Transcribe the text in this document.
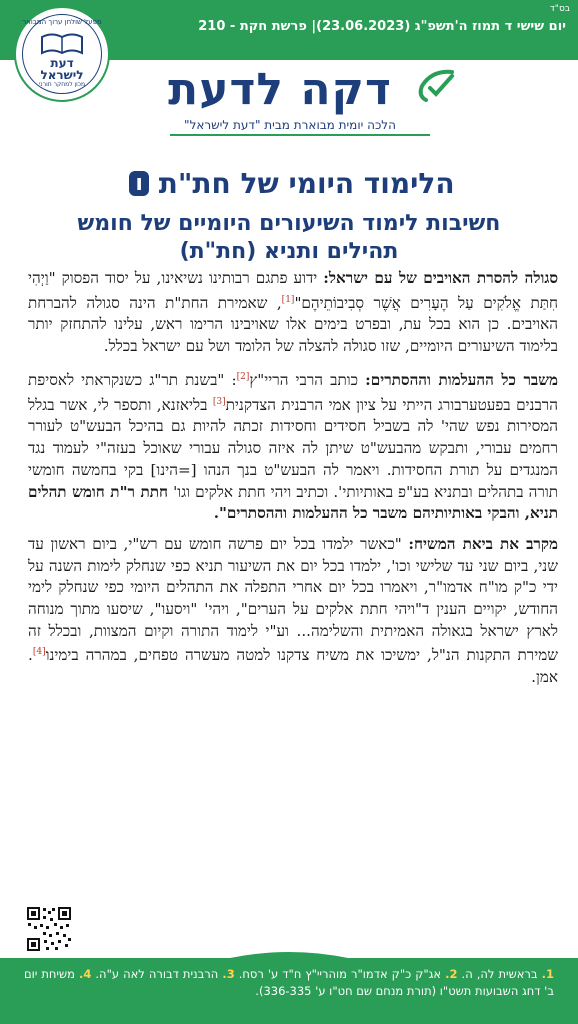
בס"ד
יום שישי ד תמוז ה'תשפ"ג (23.06.2023)| פרשת חקת - 210
מפעל שולחן ערוך המבואר
דעת
לישראל
מכון למחקר תורני	דקה לדעת
הלכה יומית מבוארת מבית "דעת לישראל"
הלימוד היומי של חת"ת ו
חשיבות לימוד השיעורים היומיים של חומש
תהילים ותניא (חת"ת)

סגולה להסרת האויבים של עם ישראל: ידוע פתגם רבותינו נשיאינו, על יסוד הפסוק "וַיְהִי חִתַּת אֱלֹקִים עַל הֶעָרִים אֲשֶׁר סְבִיבוֹתֵיהֶם"[1], שאמירת החת"ת הינה סגולה להברחת האויבים. כן הוא בכל עת, ובפרט בימים אלו שאויבינו הרימו ראש, עלינו להתחזק יותר בלימוד השיעורים היומיים, שזו סגולה להצלה של הלומד ושל עם ישראל בכלל.

משבר כל ההעלמות וההסתרים: כותב הרבי הריי"ץ[2]: "בשנת תר"ג כשנקראתי לאסיפת הרבנים בפעטערבורג הייתי על ציון אמי הרבנית הצדקנית[3] בליאזנא, ותספר לי, אשר בגלל המסירות נפש שהי' לה בשביל חסידים וחסידות זכתה להיות גם בהיכל הבעש"ט לעורר רחמים עבורי, ותבקש מהבעש"ט שיתן לה איזה סגולה עבורי שאוכל בעזה"י לעמוד נגד המנגדים על תורת החסידות. ויאמר לה הבעש"ט בנך הנהו [=הינו] בקי בחמשה חומשי תורה בתהלים ובתניא בע"פ באותיותי'. וכתיב ויהי חתת אלקים וגו' חתת ר"ת חומש תהלים תניא, והבקי באותיותיהם משבר כל ההעלמות וההסתרים".

מקרב את ביאת המשיח: "כאשר ילמדו בכל יום פרשה חומש עם רש"י, ביום ראשון עד שני, ביום שני עד שלישי וכו', ילמדו בכל יום את השיעור תניא כפי שנחלק לימות השנה על ידי כ"ק מו"ח אדמו"ר, ויאמרו בכל יום אחרי התפלה את התהלים היומי כפי שנחלק לימי החודש, יקויים הענין ד"ויהי חתת אלקים על הערים", ויהי' "ויסעו", שיסעו מתוך מנוחה לארץ ישראל בגאולה האמיתית והשלימה... וע"י לימוד התורה וקיום המצוות, ובכלל זה שמירת התקנות הנ"ל, ימשיכו את משיח צדקנו למטה מעשרה טפחים, במהרה בימינו[4]. אמן.

1. בראשית לה, ה. 2. אג"ק כ"ק אדמו"ר מוהריי"ץ ח"ד ע' רסח. 3. הרבנית דבורה לאה ע"ה. 4. משיחת יום ב' דחג השבועות תשט"ו (תורת מנחם שם חט"ו ע' 336-335).
